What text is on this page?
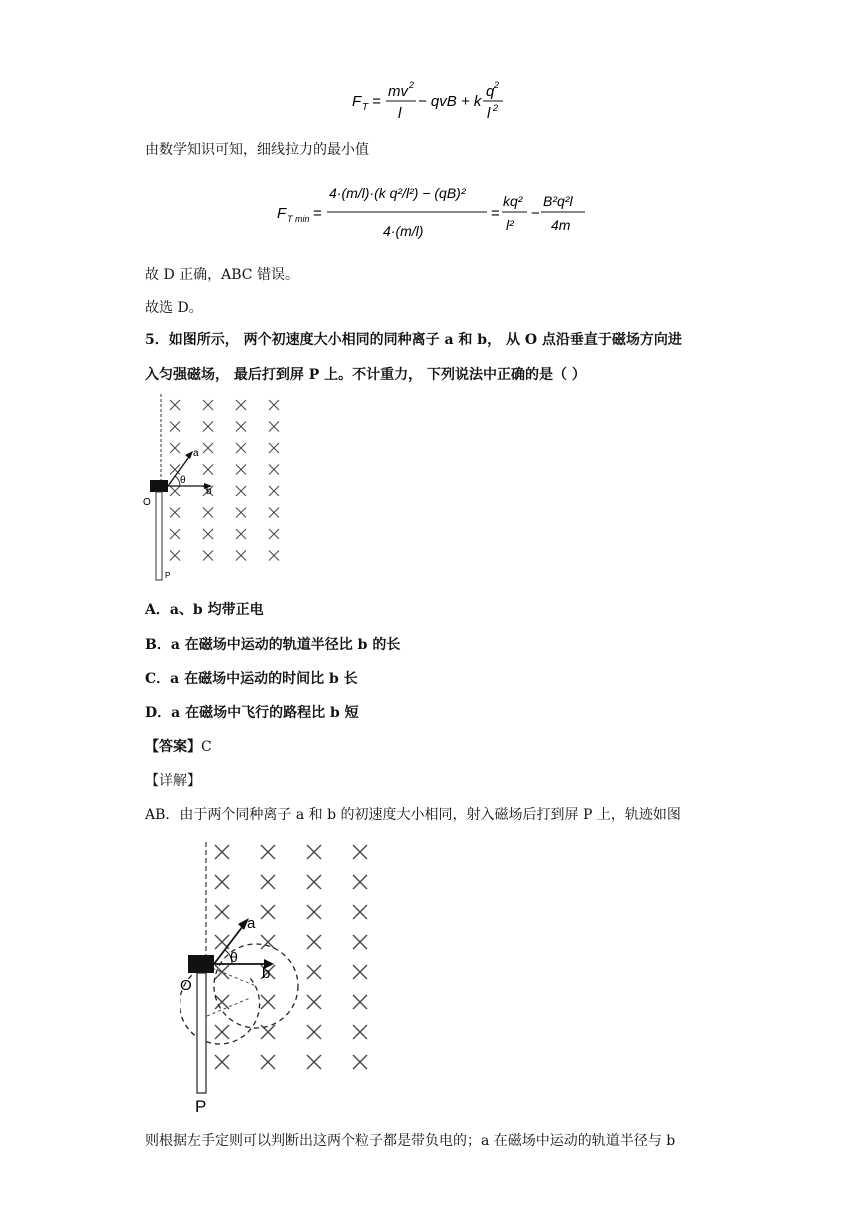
F T =
mv 2
l
− qvB + k
q 2
l 2
由数学知识可知，细线拉力的最小值
F T min =
4·(m/l)·(k q²/l²) − (qB)²
4·(m/l)
=
kq²
l²
−
B²q²l
4m
故 D 正确，ABC 错误。
故选 D。
5．如图所示， 两个初速度大小相同的同种离子 a 和 b， 从 O 点沿垂直于磁场方向进
入匀强磁场， 最后打到屏 P 上。不计重力， 下列说法中正确的是（ ）
a
b
θ
O
P
A．a、b 均带正电
B．a 在磁场中运动的轨道半径比 b 的长
C．a 在磁场中运动的时间比 b 长
D．a 在磁场中飞行的路程比 b 短
【答案】C
【详解】
AB．由于两个同种离子 a 和 b 的初速度大小相同，射入磁场后打到屏 P 上，轨迹如图
a
b
θ
O
P
则根据左手定则可以判断出这两个粒子都是带负电的；a 在磁场中运动的轨道半径与 b
